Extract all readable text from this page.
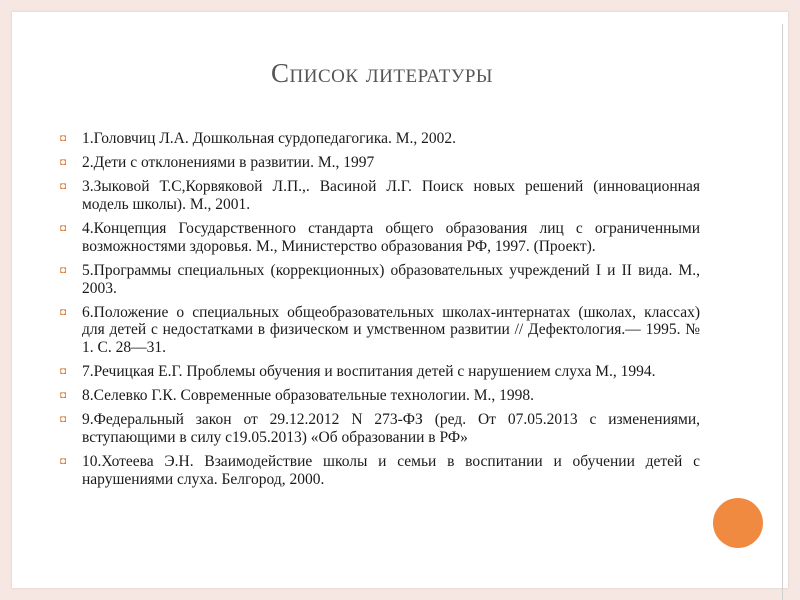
Список литературы
◘ 1.Головчиц Л.А. Дошкольная сурдопедагогика. М., 2002.
◘ 2.Дети с отклонениями в развитии. М., 1997
◘ 3.Зыковой Т.С,Корвяковой Л.П.,. Васиной Л.Г. Поиск новых решений (инновационная модель школы). М., 2001.
◘ 4.Концепция Государственного стандарта общего образования лиц с ограниченными возможностями здоровья. М., Министерство образования РФ, 1997. (Проект).
◘ 5.Программы специальных (коррекционных) образовательных учреждений I и II вида. М., 2003.
◘ 6.Положение о специальных общеобразовательных школах-интернатах (школах, классах) для детей с недостатками в физическом и умственном развитии // Дефектология.— 1995. № 1. С. 28—31.
◘ 7.Речицкая Е.Г. Проблемы обучения и воспитания детей с нарушением слуха М., 1994.
◘ 8.Селевко Г.К. Современные образовательные технологии. М., 1998.
◘ 9.Федеральный закон от 29.12.2012 N 273-ФЗ (ред. От 07.05.2013 с изменениями, вступающими в силу с19.05.2013) «Об образовании в РФ»
◘ 10.Хотеева Э.Н. Взаимодействие школы и семьи в воспитании и обучении детей с нарушениями слуха. Белгород, 2000.
